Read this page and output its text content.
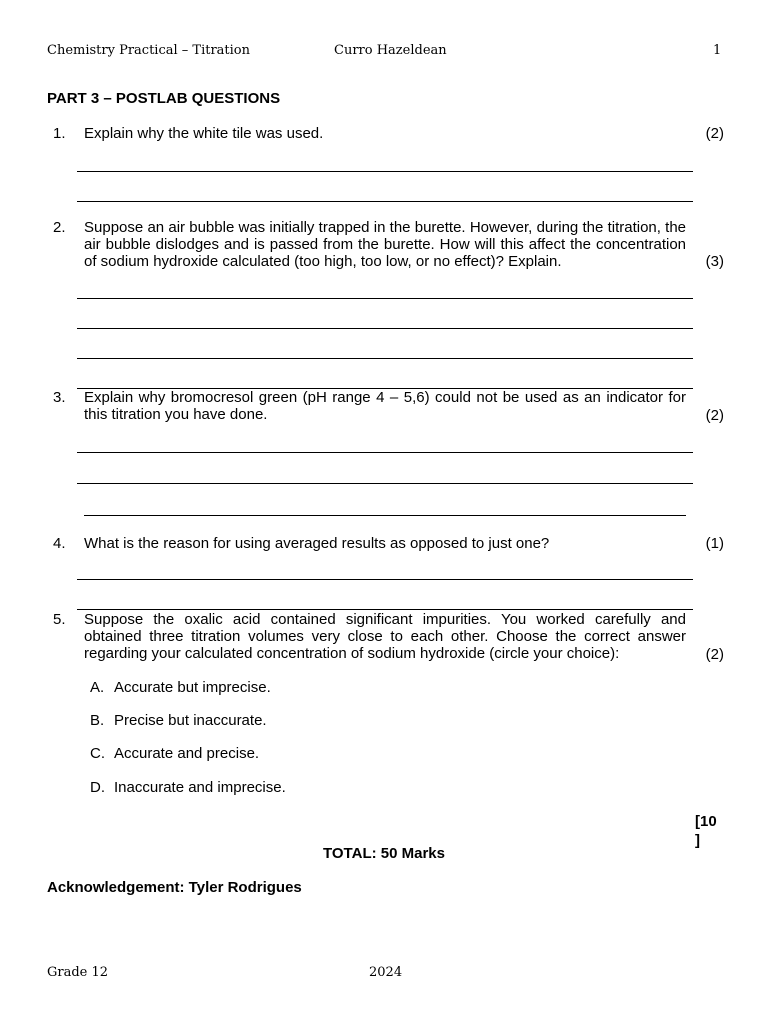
Chemistry Practical – Titration	Curro Hazeldean	1
PART 3 – POSTLAB QUESTIONS
1. Explain why the white tile was used.	(2)
2. Suppose an air bubble was initially trapped in the burette. However, during the titration, the air bubble dislodges and is passed from the burette. How will this affect the concentration of sodium hydroxide calculated (too high, too low, or no effect)? Explain.	(3)
3. Explain why bromocresol green (pH range 4 – 5,6) could not be used as an indicator for this titration you have done.	(2)
4. What is the reason for using averaged results as opposed to just one?	(1)
5. Suppose the oxalic acid contained significant impurities. You worked carefully and obtained three titration volumes very close to each other. Choose the correct answer regarding your calculated concentration of sodium hydroxide (circle your choice):	(2)
A. Accurate but imprecise.
B. Precise but inaccurate.
C. Accurate and precise.
D. Inaccurate and imprecise.
[10
]
TOTAL: 50 Marks
Acknowledgement: Tyler Rodrigues
Grade 12	2024
